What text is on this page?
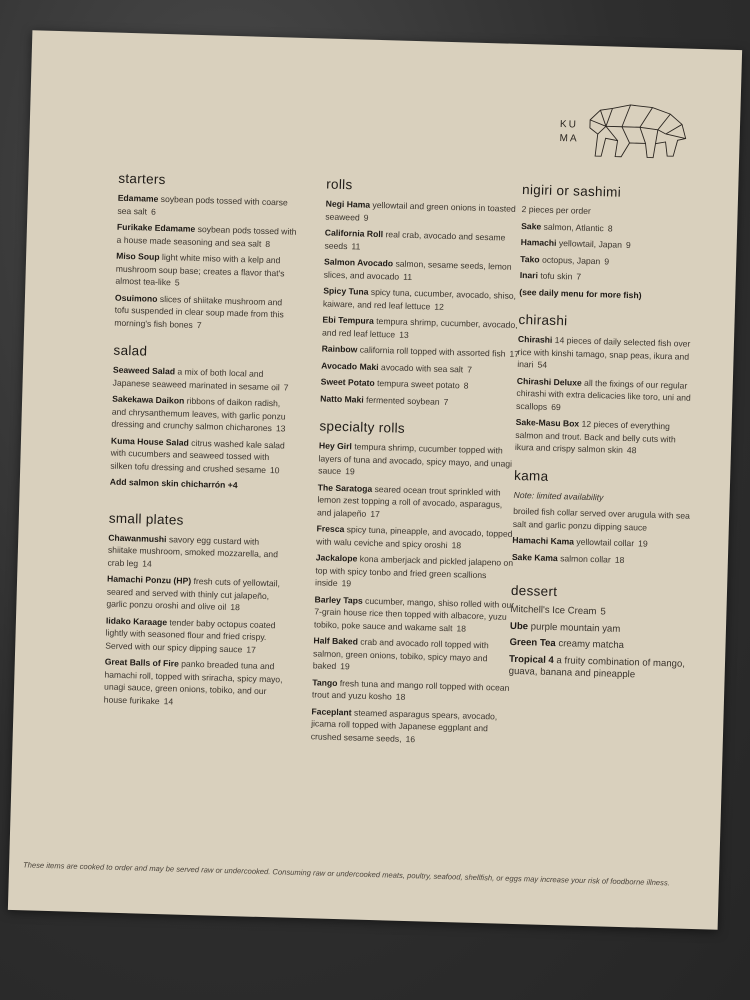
KU
MA
starters
Edamame soybean pods tossed with coarse sea salt 6
Furikake Edamame soybean pods tossed with a house made seasoning and sea salt 8
Miso Soup light white miso with a kelp and mushroom soup base; creates a flavor that's almost tea-like 5
Osuimono slices of shiitake mushroom and tofu suspended in clear soup made from this morning's fish bones 7
salad
Seaweed Salad a mix of both local and Japanese seaweed marinated in sesame oil 7
Sakekawa Daikon ribbons of daikon radish, and chrysanthemum leaves, with garlic ponzu dressing and crunchy salmon chicharones 13
Kuma House Salad citrus washed kale salad with cucumbers and seaweed tossed with silken tofu dressing and crushed sesame 10
Add salmon skin chicharrón +4
small plates
Chawanmushi savory egg custard with shiitake mushroom, smoked mozzarella, and crab leg 14
Hamachi Ponzu (HP) fresh cuts of yellowtail, seared and served with thinly cut jalapeño, garlic ponzu oroshi and olive oil 18
Iidako Karaage tender baby octopus coated lightly with seasoned flour and fried crispy. Served with our spicy dipping sauce 17
Great Balls of Fire panko breaded tuna and hamachi roll, topped with sriracha, spicy mayo, unagi sauce, green onions, tobiko, and our house furikake 14
rolls
Negi Hama yellowtail and green onions in toasted seaweed 9
California Roll real crab, avocado and sesame seeds 11
Salmon Avocado salmon, sesame seeds, lemon slices, and avocado 11
Spicy Tuna spicy tuna, cucumber, avocado, shiso, kaiware, and red leaf lettuce 12
Ebi Tempura tempura shrimp, cucumber, avocado, and red leaf lettuce 13
Rainbow california roll topped with assorted fish 17
Avocado Maki avocado with sea salt 7
Sweet Potato tempura sweet potato 8
Natto Maki fermented soybean 7
specialty rolls
Hey Girl tempura shrimp, cucumber topped with layers of tuna and avocado, spicy mayo, and unagi sauce 19
The Saratoga seared ocean trout sprinkled with lemon zest topping a roll of avocado, asparagus, and jalapeño 17
Fresca spicy tuna, pineapple, and avocado, topped with walu ceviche and spicy oroshi 18
Jackalope kona amberjack and pickled jalapeno on top with spicy tonbo and fried green scallions inside 19
Barley Taps cucumber, mango, shiso rolled with our 7-grain house rice then topped with albacore, yuzu tobiko, poke sauce and wakame salt 18
Half Baked crab and avocado roll topped with salmon, green onions, tobiko, spicy mayo and baked 19
Tango fresh tuna and mango roll topped with ocean trout and yuzu kosho 18
Faceplant steamed asparagus spears, avocado, jicama roll topped with Japanese eggplant and crushed sesame seeds, 16
nigiri or sashimi
2 pieces per order
Sake salmon, Atlantic 8
Hamachi yellowtail, Japan 9
Tako octopus, Japan 9
Inari tofu skin 7
(see daily menu for more fish)
chirashi
Chirashi 14 pieces of daily selected fish over rice with kinshi tamago, snap peas, ikura and inari 54
Chirashi Deluxe all the fixings of our regular chirashi with extra delicacies like toro, uni and scallops 69
Sake-Masu Box 12 pieces of everything salmon and trout. Back and belly cuts with ikura and crispy salmon skin 48
kama
Note: limited availability
broiled fish collar served over arugula with sea salt and garlic ponzu dipping sauce
Hamachi Kama yellowtail collar 19
Sake Kama salmon collar 18
dessert
Mitchell's Ice Cream 5
Ube purple mountain yam
Green Tea creamy matcha
Tropical 4 a fruity combination of mango, guava, banana and pineapple
These items are cooked to order and may be served raw or undercooked. Consuming raw or undercooked meats, poultry, seafood, shellfish, or eggs may increase your risk of foodborne illness.
